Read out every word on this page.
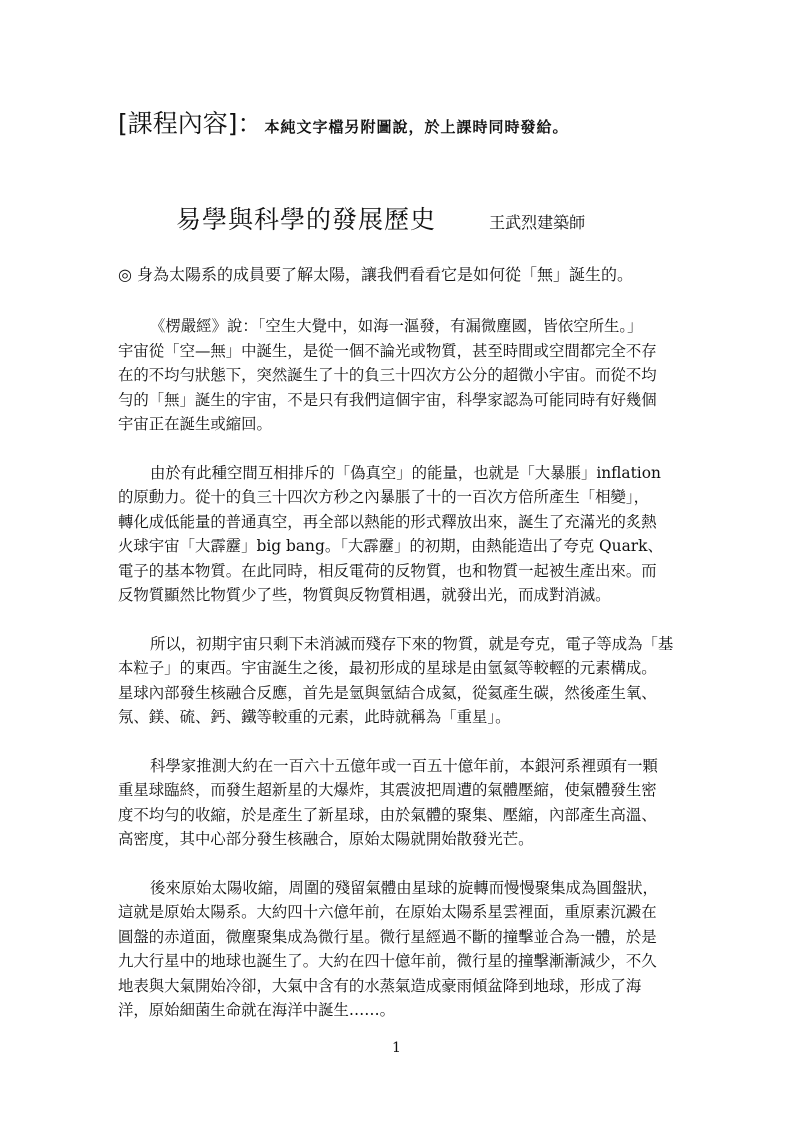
[課程內容]： 本純文字檔另附圖說，於上課時同時發給。
易學與科學的發展歷史	王武烈建築師
◎ 身為太陽系的成員要了解太陽，讓我們看看它是如何從「無」誕生的。
《楞嚴經》說：「空生大覺中，如海一漚發，有漏微塵國，皆依空所生。」
宇宙從「空—無」中誕生，是從一個不論光或物質，甚至時間或空間都完全不存
在的不均勻狀態下，突然誕生了十的負三十四次方公分的超微小宇宙。而從不均
勻的「無」誕生的宇宙，不是只有我們這個宇宙，科學家認為可能同時有好幾個
宇宙正在誕生或縮回。
由於有此種空間互相排斥的「偽真空」的能量，也就是「大暴脹」inflation
的原動力。從十的負三十四次方秒之內暴脹了十的一百次方倍所產生「相變」，
轉化成低能量的普通真空，再全部以熱能的形式釋放出來，誕生了充滿光的炙熱
火球宇宙「大霹靂」big bang。「大霹靂」的初期，由熱能造出了夸克 Quark、
電子的基本物質。在此同時，相反電荷的反物質，也和物質一起被生產出來。而
反物質顯然比物質少了些，物質與反物質相遇，就發出光，而成對消滅。
所以，初期宇宙只剩下未消滅而殘存下來的物質，就是夸克，電子等成為「基
本粒子」的東西。宇宙誕生之後，最初形成的星球是由氫氦等較輕的元素構成。
星球內部發生核融合反應，首先是氫與氫結合成氦，從氦產生碳，然後產生氧、
氖、鎂、硫、鈣、鐵等較重的元素，此時就稱為「重星」。
科學家推測大約在一百六十五億年或一百五十億年前，本銀河系裡頭有一顆
重星球臨終，而發生超新星的大爆炸，其震波把周遭的氣體壓縮，使氣體發生密
度不均勻的收縮，於是產生了新星球，由於氣體的聚集、壓縮，內部產生高溫、
高密度，其中心部分發生核融合，原始太陽就開始散發光芒。
後來原始太陽收縮，周圍的殘留氣體由星球的旋轉而慢慢聚集成為圓盤狀，
這就是原始太陽系。大約四十六億年前，在原始太陽系星雲裡面，重原素沉澱在
圓盤的赤道面，微塵聚集成為微行星。微行星經過不斷的撞擊並合為一體，於是
九大行星中的地球也誕生了。大約在四十億年前，微行星的撞擊漸漸減少，不久
地表與大氣開始冷卻，大氣中含有的水蒸氣造成豪雨傾盆降到地球，形成了海
洋，原始細菌生命就在海洋中誕生……。
1
